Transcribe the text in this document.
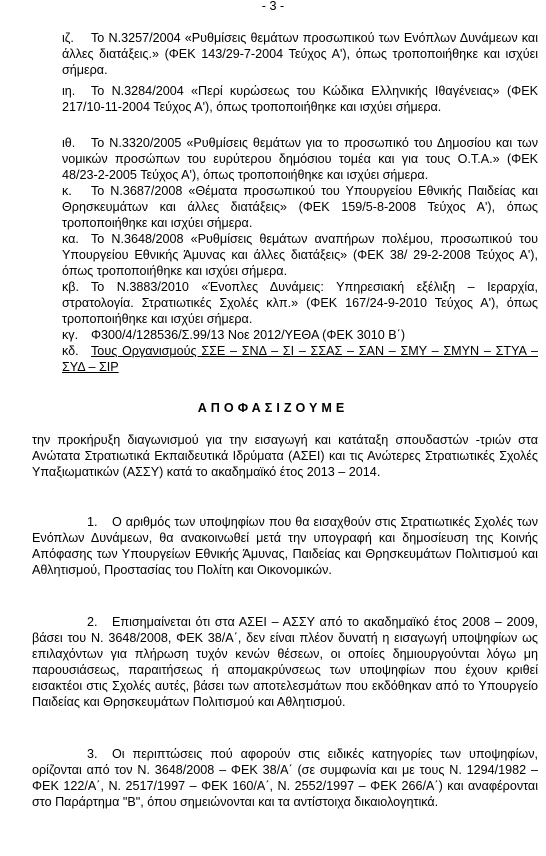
- 3 -

ιζ. Το Ν.3257/2004 «Ρυθμίσεις θεμάτων προσωπικού των Ενόπλων Δυνάμεων και άλλες διατάξεις.» (ΦΕΚ 143/29-7-2004 Τεύχος Α'), όπως τροποποιήθηκε και ισχύει σήμερα.

ιη. Το Ν.3284/2004 «Περί κυρώσεως του Κώδικα Ελληνικής Ιθαγένειας» (ΦΕΚ 217/10-11-2004 Τεύχος Α'), όπως τροποποιήθηκε και ισχύει σήμερα.

ιθ. Το Ν.3320/2005 «Ρυθμίσεις θεμάτων για το προσωπικό του Δημοσίου και των νομικών προσώπων του ευρύτερου δημόσιου τομέα και για τους Ο.Τ.Α.» (ΦΕΚ 48/23-2-2005 Τεύχος Α'), όπως τροποποιήθηκε και ισχύει σήμερα.

κ. Το Ν.3687/2008 «Θέματα προσωπικού του Υπουργείου Εθνικής Παιδείας και Θρησκευμάτων και άλλες διατάξεις» (ΦΕΚ 159/5-8-2008 Τεύχος Α'), όπως τροποποιήθηκε και ισχύει σήμερα.

κα. Το Ν.3648/2008 «Ρυθμίσεις θεμάτων αναπήρων πολέμου, προσωπικού του Υπουργείου Εθνικής Άμυνας και άλλες διατάξεις» (ΦΕΚ 38/ 29-2-2008 Τεύχος Α'), όπως τροποποιήθηκε και ισχύει σήμερα.

κβ. Το Ν.3883/2010 «Ένοπλες Δυνάμεις: Υπηρεσιακή εξέλιξη – Ιεραρχία, στρατολογία. Στρατιωτικές Σχολές κλπ.» (ΦΕΚ 167/24-9-2010 Τεύχος Α'), όπως τροποποιήθηκε και ισχύει σήμερα.

κγ. Φ300/4/128536/Σ.99/13 Νοε 2012/ΥΕΘΑ (ΦΕΚ 3010 Β΄)

κδ. Τους Οργανισμούς ΣΣΕ – ΣΝΔ – ΣΙ – ΣΣΑΣ – ΣΑΝ – ΣΜΥ – ΣΜΥΝ – ΣΤΥΑ – ΣΥΔ – ΣΙΡ

ΑΠΟΦΑΣΙΖΟΥΜΕ

την προκήρυξη διαγωνισμού για την εισαγωγή και κατάταξη σπουδαστών -τριών στα Ανώτατα Στρατιωτικά Εκπαιδευτικά Ιδρύματα (ΑΣΕΙ) και τις Ανώτερες Στρατιωτικές Σχολές Υπαξιωματικών (ΑΣΣΥ) κατά το ακαδημαϊκό έτος 2013 – 2014.

1. Ο αριθμός των υποψηφίων που θα εισαχθούν στις Στρατιωτικές Σχολές των Ενόπλων Δυνάμεων, θα ανακοινωθεί μετά την υπογραφή και δημοσίευση της Κοινής Απόφασης των Υπουργείων Εθνικής Άμυνας, Παιδείας και Θρησκευμάτων Πολιτισμού και Αθλητισμού, Προστασίας του Πολίτη και Οικονομικών.

2. Επισημαίνεται ότι στα ΑΣΕΙ – ΑΣΣΥ από το ακαδημαϊκό έτος 2008 – 2009, βάσει του Ν. 3648/2008, ΦΕΚ 38/Α΄, δεν είναι πλέον δυνατή η εισαγωγή υποψηφίων ως επιλαχόντων για πλήρωση τυχόν κενών θέσεων, οι οποίες δημιουργούνται λόγω μη παρουσιάσεως, παραιτήσεως ή απομακρύνσεως των υποψηφίων που έχουν κριθεί εισακτέοι στις Σχολές αυτές, βάσει των αποτελεσμάτων που εκδόθηκαν από το Υπουργείο Παιδείας και Θρησκευμάτων Πολιτισμού και Αθλητισμού.

3. Οι περιπτώσεις πού αφορούν στις ειδικές κατηγορίες των υποψηφίων, ορίζονται από τον Ν. 3648/2008 – ΦΕΚ 38/Α΄ (σε συμφωνία και με τους Ν. 1294/1982 – ΦΕΚ 122/Α΄, Ν. 2517/1997 – ΦΕΚ 160/Α΄, Ν. 2552/1997 – ΦΕΚ 266/Α΄) και αναφέρονται στο Παράρτημα "Β", όπου σημειώνονται και τα αντίστοιχα δικαιολογητικά.
